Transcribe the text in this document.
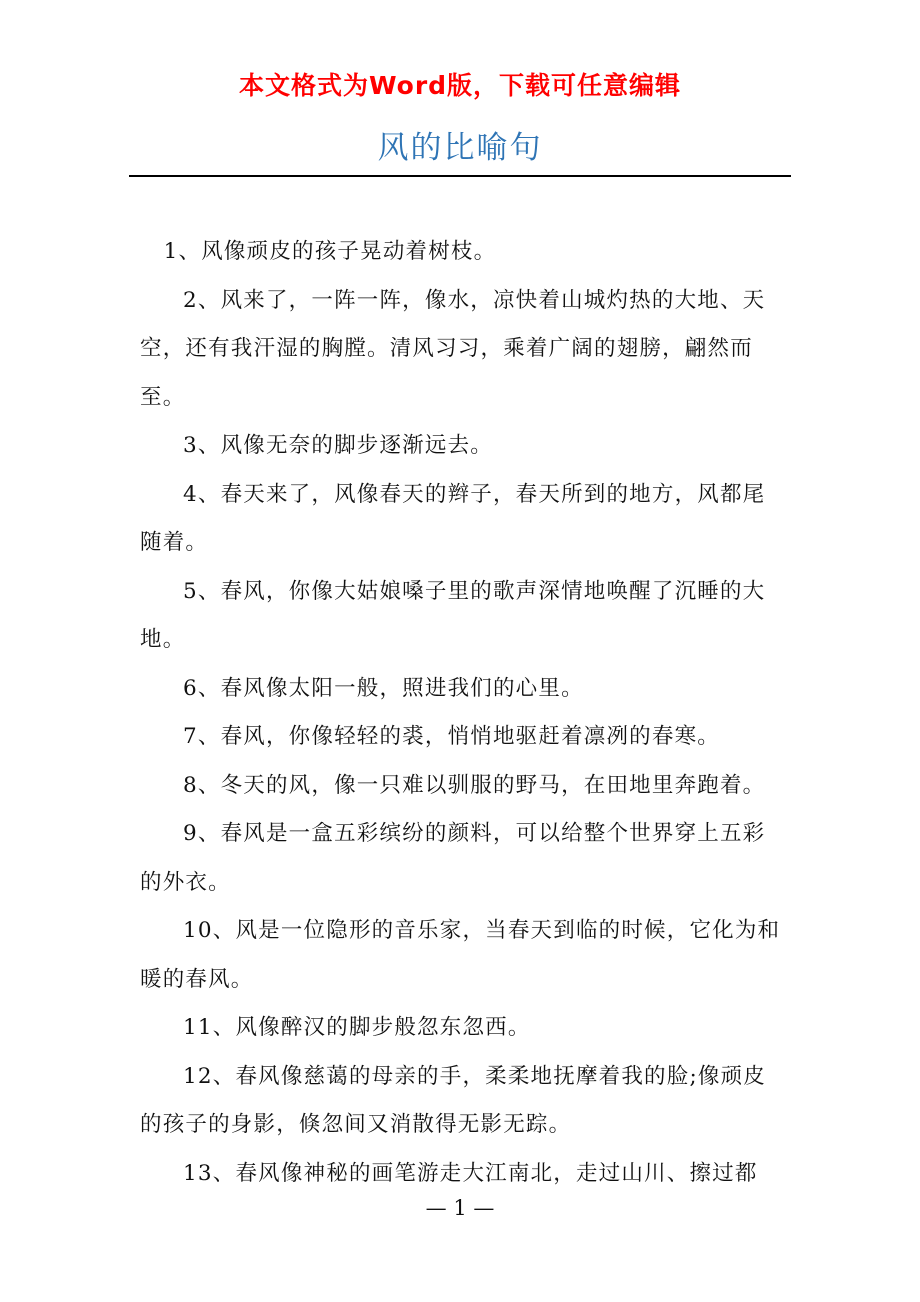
本文格式为Word版，下载可任意编辑
风的比喻句

1、风像顽皮的孩子晃动着树枝。

2、风来了，一阵一阵，像水，凉快着山城灼热的大地、天空，还有我汗湿的胸膛。清风习习，乘着广阔的翅膀，翩然而至。

3、风像无奈的脚步逐渐远去。

4、春天来了，风像春天的辫子，春天所到的地方，风都尾随着。

5、春风，你像大姑娘嗓子里的歌声深情地唤醒了沉睡的大地。

6、春风像太阳一般，照进我们的心里。

7、春风，你像轻轻的裘，悄悄地驱赶着凛冽的春寒。

8、冬天的风，像一只难以驯服的野马，在田地里奔跑着。

9、春风是一盒五彩缤纷的颜料，可以给整个世界穿上五彩的外衣。

10、风是一位隐形的音乐家，当春天到临的时候，它化为和暖的春风。

11、风像醉汉的脚步般忽东忽西。

12、春风像慈蔼的母亲的手，柔柔地抚摩着我的脸;像顽皮的孩子的身影，倏忽间又消散得无影无踪。

13、春风像神秘的画笔游走大江南北，走过山川、擦过都

— 1 —
